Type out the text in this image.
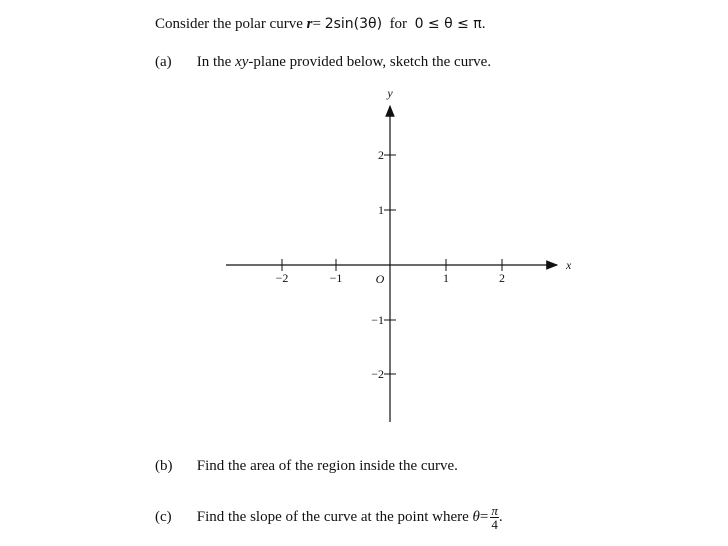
Consider the polar curve r= 2sin(3θ) for 0 ≤ θ ≤ π.
(a) In the xy-plane provided below, sketch the curve.
−2	−1	1	2
2
1
−1
−2
O
x
y
(b) Find the area of the region inside the curve.
(c) Find the slope of the curve at the point where $\theta= \frac{\pi}{4}$ .
